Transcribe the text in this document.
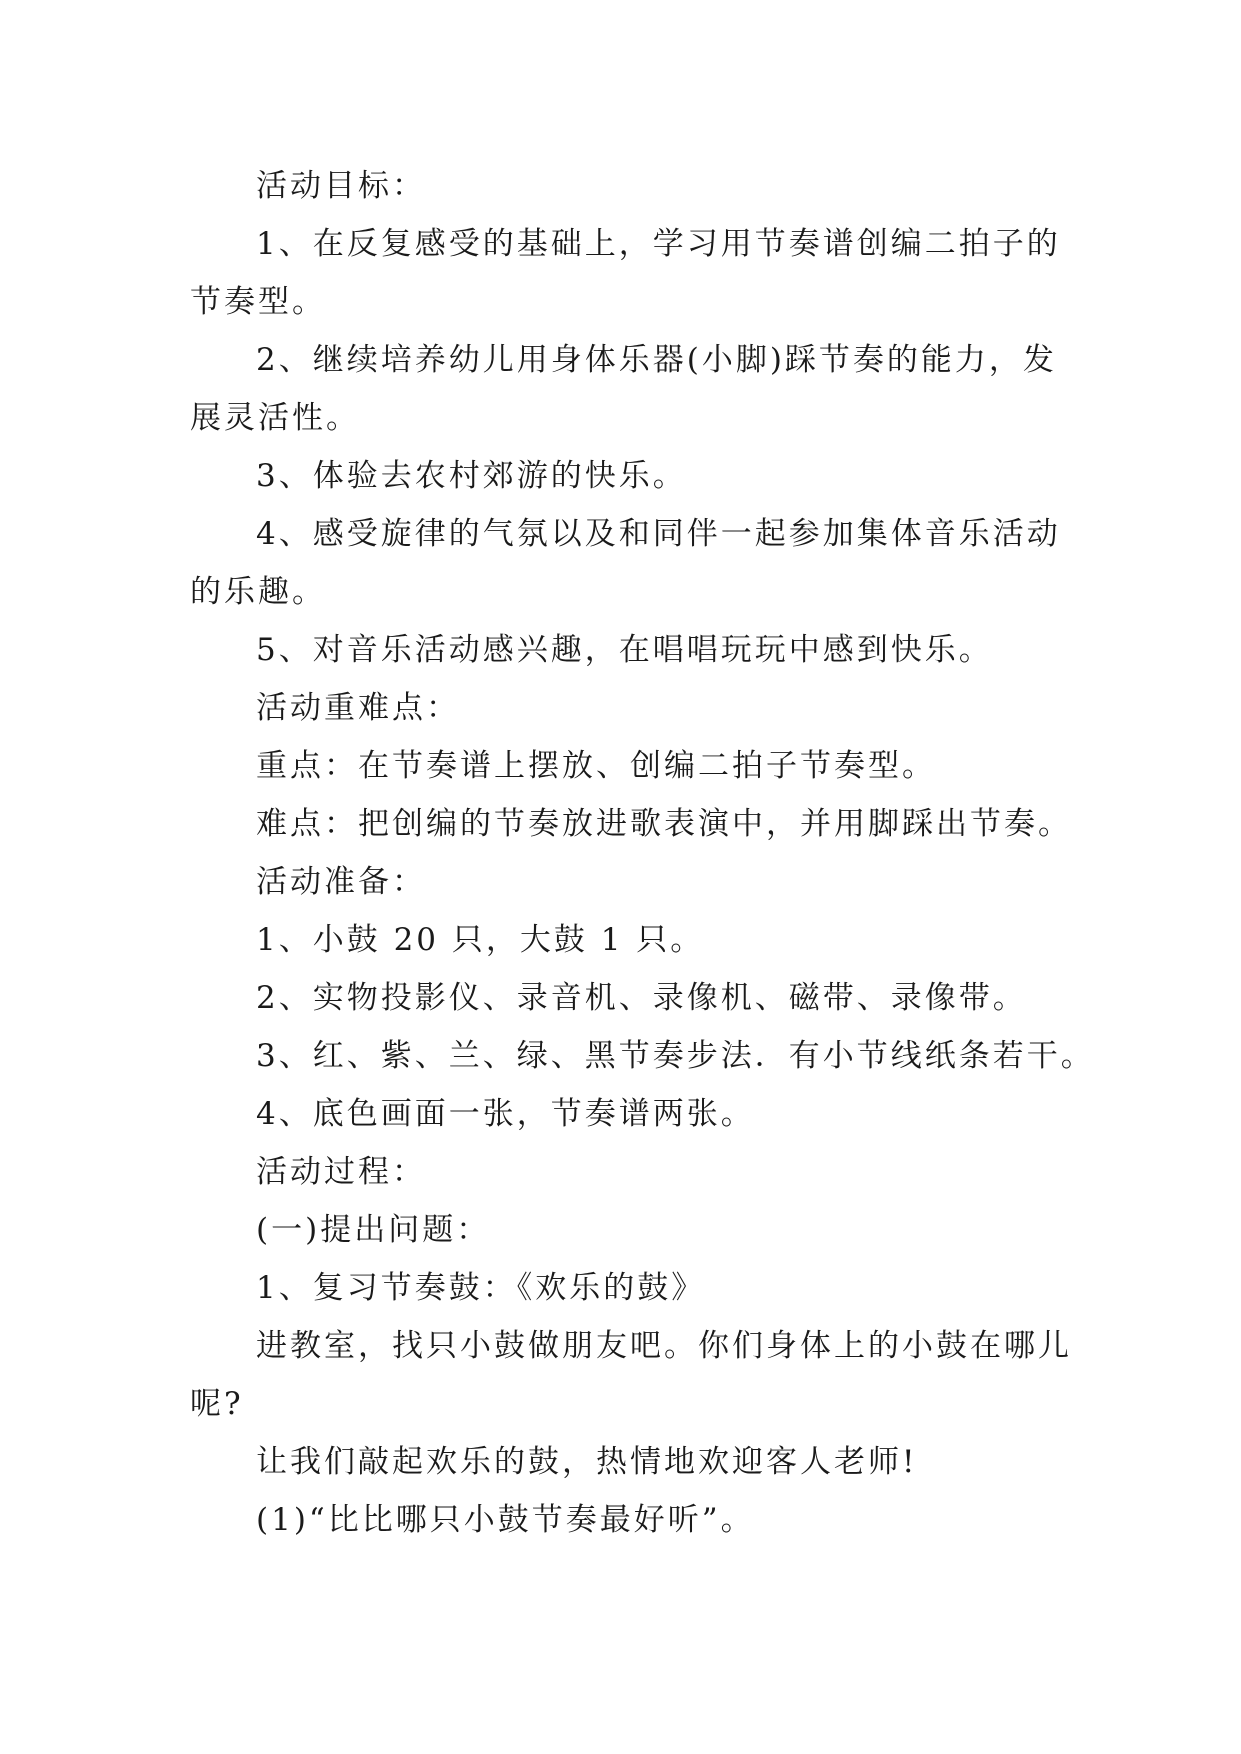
活动目标：

1、在反复感受的基础上，学习用节奏谱创编二拍子的

节奏型。

2、继续培养幼儿用身体乐器(小脚)踩节奏的能力，发

展灵活性。

3、体验去农村郊游的快乐。

4、感受旋律的气氛以及和同伴一起参加集体音乐活动

的乐趣。

5、对音乐活动感兴趣，在唱唱玩玩中感到快乐。

活动重难点：

重点：在节奏谱上摆放、创编二拍子节奏型。

难点：把创编的节奏放进歌表演中，并用脚踩出节奏。

活动准备：

1、小鼓 20 只，大鼓 1 只。

2、实物投影仪、录音机、录像机、磁带、录像带。

3、红、紫、兰、绿、黑节奏步法．有小节线纸条若干。

4、底色画面一张，节奏谱两张。

活动过程：

(一)提出问题：

1、复习节奏鼓：《欢乐的鼓》

进教室，找只小鼓做朋友吧。你们身体上的小鼓在哪儿

呢?

让我们敲起欢乐的鼓，热情地欢迎客人老师!

(1)“比比哪只小鼓节奏最好听”。
